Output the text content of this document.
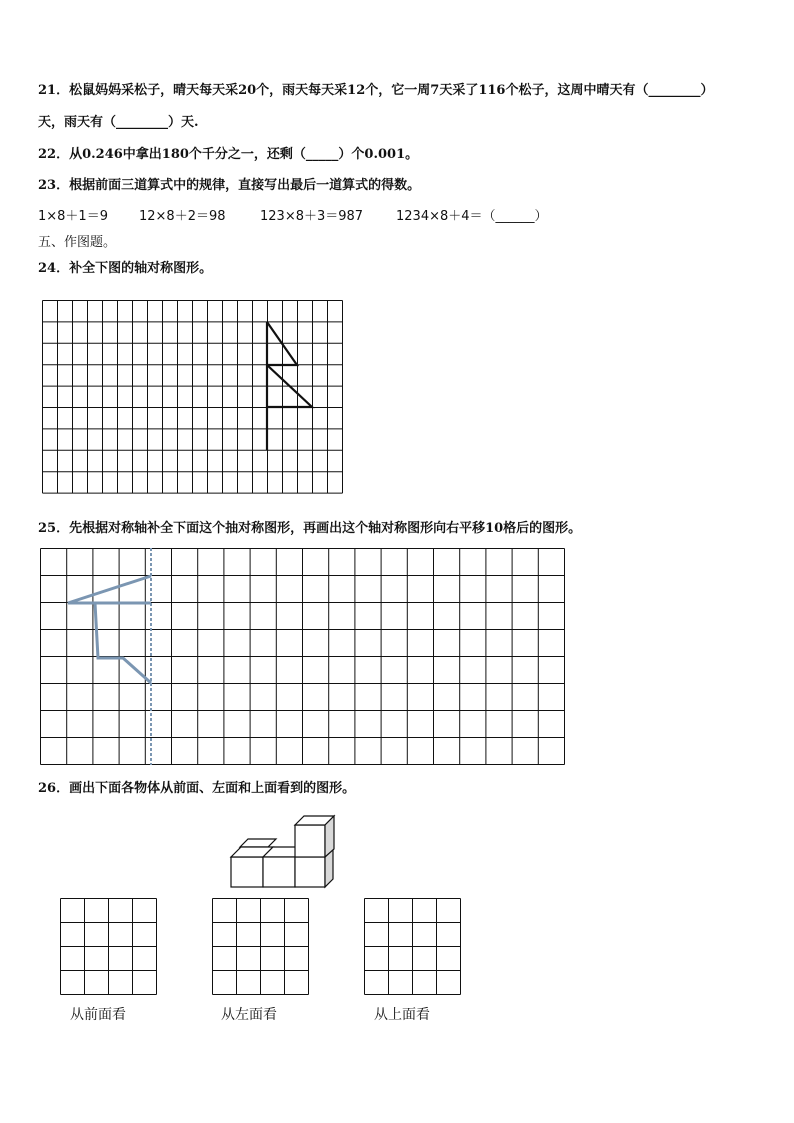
21．松鼠妈妈采松子，晴天每天采20个，雨天每天采12个，它一周7天采了116个松子，这周中晴天有（________）
天，雨天有（________）天.
22．从0.246中拿出180个千分之一，还剩（_____）个0.001。
23．根据前面三道算式中的规律，直接写出最后一道算式的得数。
1×8＋1＝9 12×8＋2＝98	123×8＋3＝987	1234×8＋4＝（______）
五、作图题。
24．补全下图的轴对称图形。
25．先根据对称轴补全下面这个抽对称图形，再画出这个轴对称图形向右平移10格后的图形。
26．画出下面各物体从前面、左面和上面看到的图形。
从前面看	从左面看	从上面看
